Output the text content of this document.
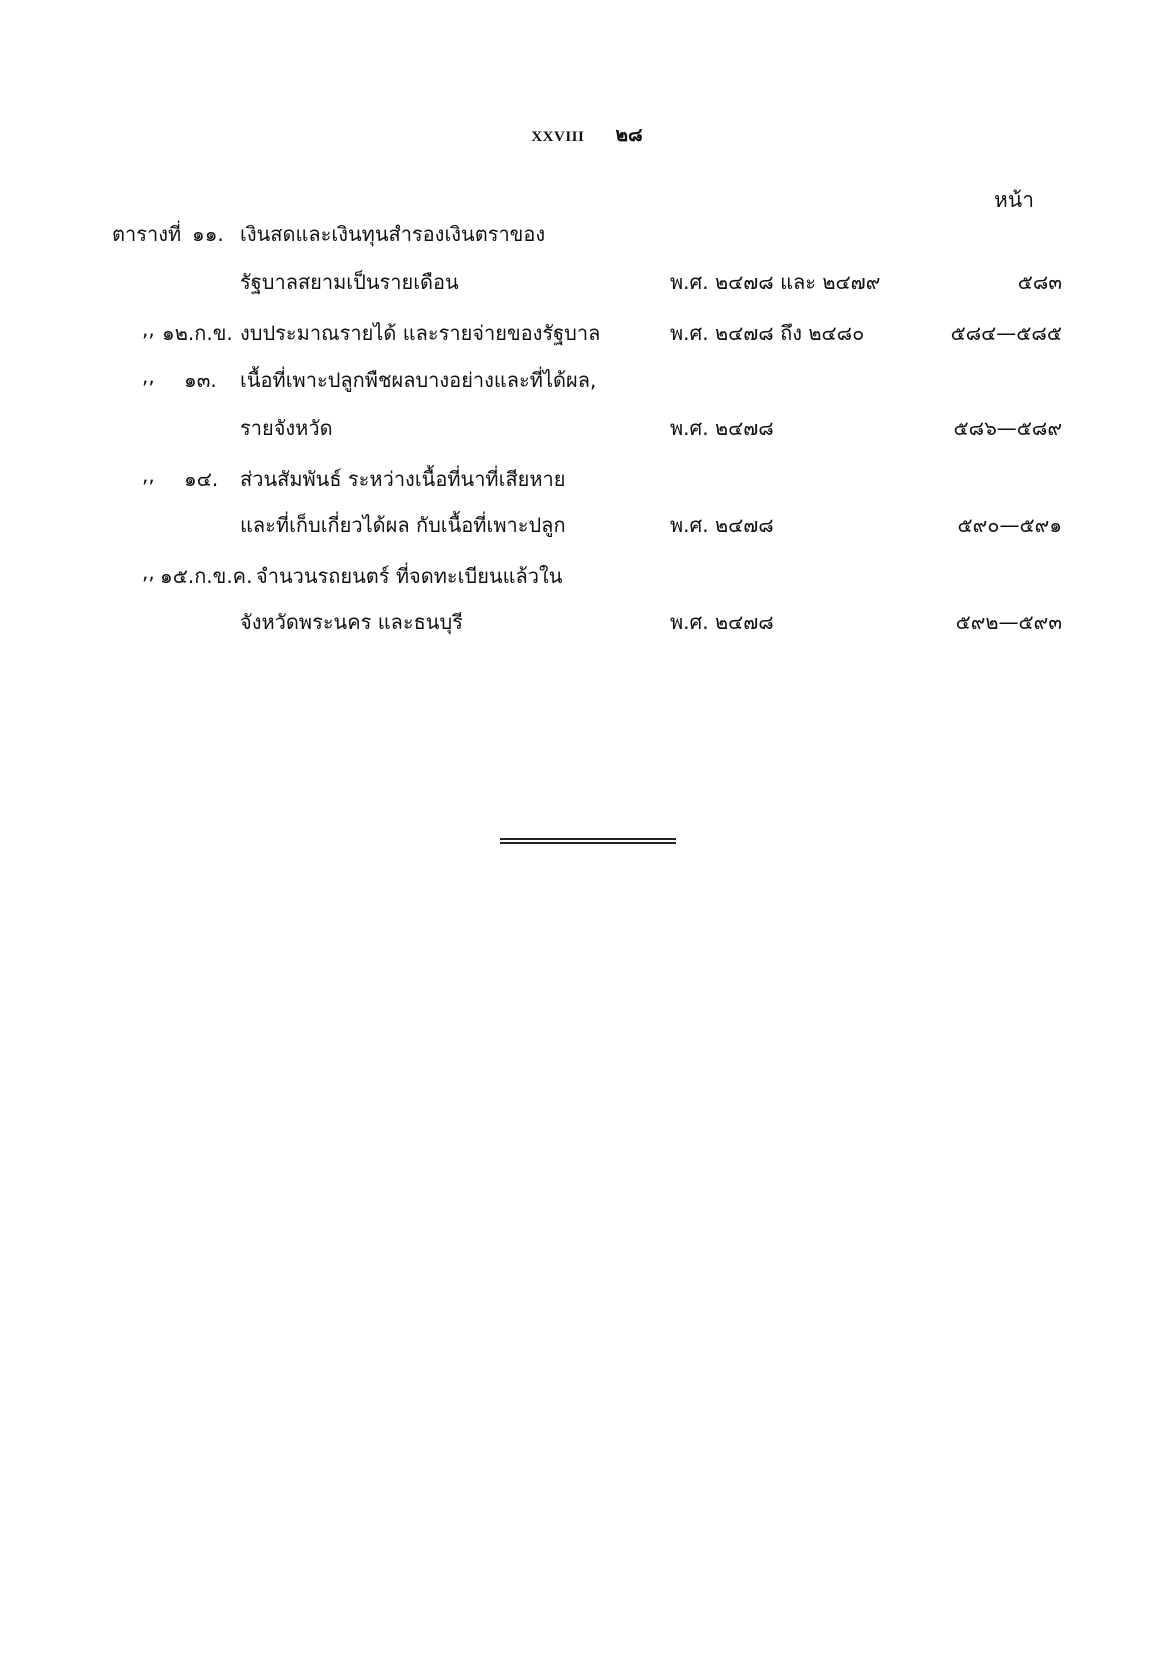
XXVIII ๒๘
หน้า
ตารางที่ ๑๑. เงินสดและเงินทุนสำรองเงินตราของ
รัฐบาลสยามเป็นรายเดือน	พ.ศ. ๒๔๗๘ และ ๒๔๗๙	๕๘๓
,, ๑๒.ก.ข. งบประมาณรายได้ และรายจ่ายของรัฐบาล	พ.ศ. ๒๔๗๘ ถึง ๒๔๘๐	๕๘๔—๕๘๕
,, ๑๓. เนื้อที่เพาะปลูกพืชผลบางอย่างและที่ได้ผล,
รายจังหวัด	พ.ศ. ๒๔๗๘	๕๘๖—๕๘๙
,, ๑๔. ส่วนสัมพันธ์ ระหว่างเนื้อที่นาที่เสียหาย
และที่เก็บเกี่ยวได้ผล กับเนื้อที่เพาะปลูก	พ.ศ. ๒๔๗๘	๕๙๐—๕๙๑
,, ๑๕.ก.ข.ค. จำนวนรถยนตร์ ที่จดทะเบียนแล้วใน
จังหวัดพระนคร และธนบุรี	พ.ศ. ๒๔๗๘	๕๙๒—๕๙๓
